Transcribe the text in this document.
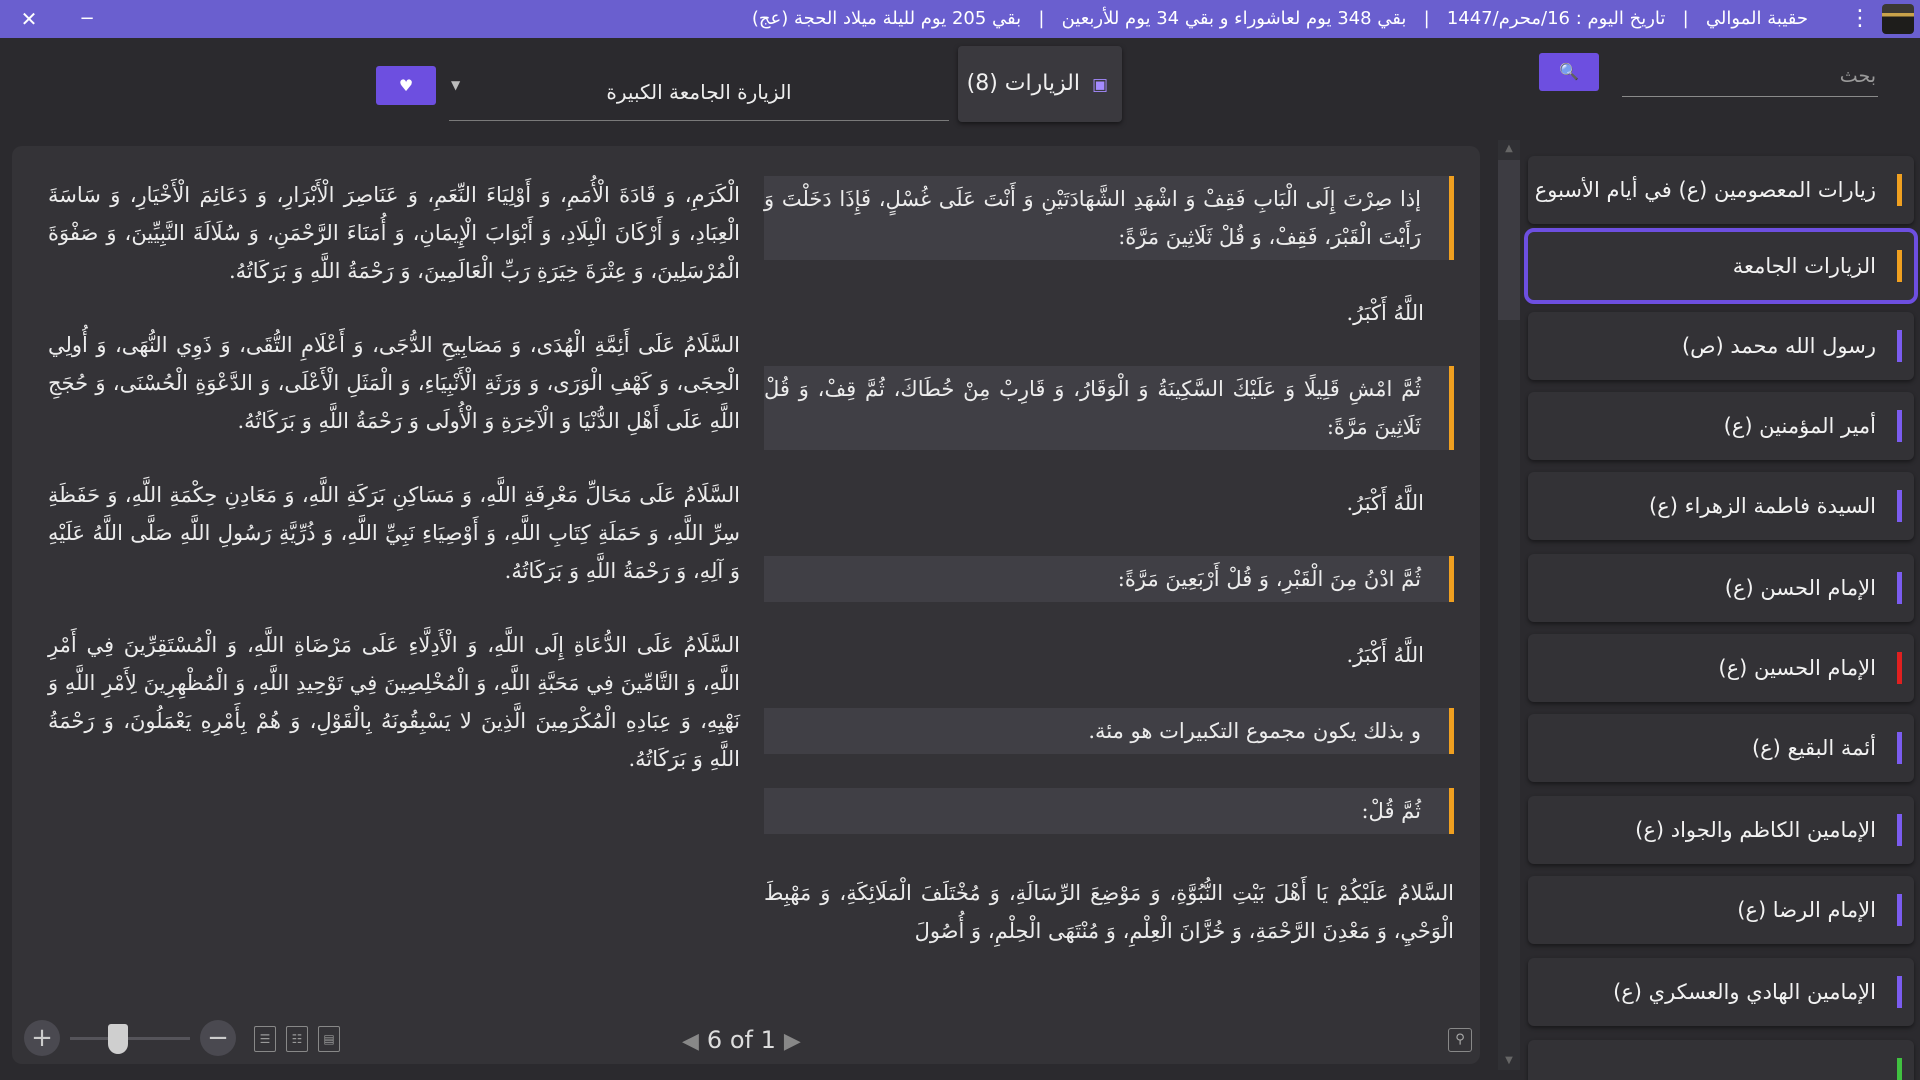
✕	−	حقيبة الموالي   |   تاريخ اليوم : 16/محرم/1447   |   بقي 348 يوم لعاشوراء و بقي 34 يوم للأربعين   |   بقي 205 يوم لليلة ميلاد الحجة (عج)	⋮
بحث
🔍
▣
الزيارات (8)
▼	الزيارة الجامعة الكبيرة
♥
إذا صِرْتَ إِلَى الْبَابِ فَقِفْ وَ اشْهَدِ الشَّهَادَتَيْنِ وَ أَنْتَ عَلَى غُسْلٍ، فَإِذَا دَخَلْتَ وَ رَأَيْتَ الْقَبْرَ، فَقِفْ، وَ قُلْ ثَلَاثِينَ مَرَّةً:
اللَّهُ أَكْبَرُ.
ثُمَّ امْشِ قَلِيلًا وَ عَلَيْكَ السَّكِينَةُ وَ الْوَقَارُ، وَ قَارِبْ مِنْ خُطَاكَ، ثُمَّ قِفْ، وَ قُلْ ثَلَاثِينَ مَرَّةً:
اللَّهُ أَكْبَرُ.
ثُمَّ ادْنُ مِنَ الْقَبْرِ، وَ قُلْ أَرْبَعِينَ مَرَّةً:
اللَّهُ أَكْبَرُ.
و بذلك يكون مجموع التكبيرات هو مئة.
ثُمَّ قُلْ:
السَّلامُ عَلَيْكُمْ يَا أَهْلَ بَيْتِ النُّبُوَّةِ، وَ مَوْضِعَ الرِّسَالَةِ، وَ مُخْتَلَفَ الْمَلَائِكَةِ، وَ مَهْبِطَ الْوَحْيِ، وَ مَعْدِنَ الرَّحْمَةِ، وَ خُزَّانَ الْعِلْمِ، وَ مُنْتَهَى الْحِلْمِ، وَ أُصُولَ
الْكَرَمِ، وَ قَادَةَ الْأُمَمِ، وَ أَوْلِيَاءَ النِّعَمِ، وَ عَنَاصِرَ الْأَبْرَارِ، وَ دَعَائِمَ الْأَخْيَارِ، وَ سَاسَةَ الْعِبَادِ، وَ أَرْكَانَ الْبِلَادِ، وَ أَبْوَابَ الْإِيمَانِ، وَ أُمَنَاءَ الرَّحْمَنِ، وَ سُلَالَةَ النَّبِيِّينَ، وَ صَفْوَةَ الْمُرْسَلِينَ، وَ عِتْرَةَ خِيَرَةِ رَبِّ الْعَالَمِينَ، وَ رَحْمَةُ اللَّهِ وَ بَرَكَاتُهُ.
السَّلَامُ عَلَى أَئِمَّةِ الْهُدَى، وَ مَصَابِيحِ الدُّجَى، وَ أَعْلَامِ التُّقَى، وَ ذَوِي النُّهَى، وَ أُولِي الْحِجَى، وَ كَهْفِ الْوَرَى، وَ وَرَثَةِ الْأَنْبِيَاءِ، وَ الْمَثَلِ الْأَعْلَى، وَ الدَّعْوَةِ الْحُسْنَى، وَ حُجَجِ اللَّهِ عَلَى أَهْلِ الدُّنْيَا وَ الْآخِرَةِ وَ الْأُولَى وَ رَحْمَةُ اللَّهِ وَ بَرَكَاتُهُ.
السَّلَامُ عَلَى مَحَالِّ مَعْرِفَةِ اللَّهِ، وَ مَسَاكِنِ بَرَكَةِ اللَّهِ، وَ مَعَادِنِ حِكْمَةِ اللَّهِ، وَ حَفَظَةِ سِرِّ اللَّهِ، وَ حَمَلَةِ كِتَابِ اللَّهِ، وَ أَوْصِيَاءِ نَبِيِّ اللَّهِ، وَ ذُرِّيَّةِ رَسُولِ اللَّهِ صَلَّى اللَّهُ عَلَيْهِ وَ آلِهِ، وَ رَحْمَةُ اللَّهِ وَ بَرَكَاتُهُ.
السَّلَامُ عَلَى الدُّعَاةِ إِلَى اللَّهِ، وَ الْأَدِلَّاءِ عَلَى مَرْضَاةِ اللَّهِ، وَ الْمُسْتَقِرِّينَ فِي أَمْرِ اللَّهِ، وَ التَّامِّينَ فِي مَحَبَّةِ اللَّهِ، وَ الْمُخْلِصِينَ فِي تَوْحِيدِ اللَّهِ، وَ الْمُظْهِرِينَ لِأَمْرِ اللَّهِ وَ نَهْيِهِ، وَ عِبَادِهِ الْمُكْرَمِينَ الَّذِينَ لا يَسْبِقُونَهُ بِالْقَوْلِ، وَ هُمْ بِأَمْرِهِ يَعْمَلُونَ، وَ رَحْمَةُ اللَّهِ وَ بَرَكَاتُهُ.
+	−	☰	☷	▤	◀ 6 of 1 ▶	⚲
▲
▼
زيارات المعصومين (ع) في أيام الأسبوع
الزيارات الجامعة
رسول الله محمد (ص)
أمير المؤمنين (ع)
السيدة فاطمة الزهراء (ع)
الإمام الحسن (ع)
الإمام الحسين (ع)
أئمة البقيع (ع)
الإمامين الكاظم والجواد (ع)
الإمام الرضا (ع)
الإمامين الهادي والعسكري (ع)
